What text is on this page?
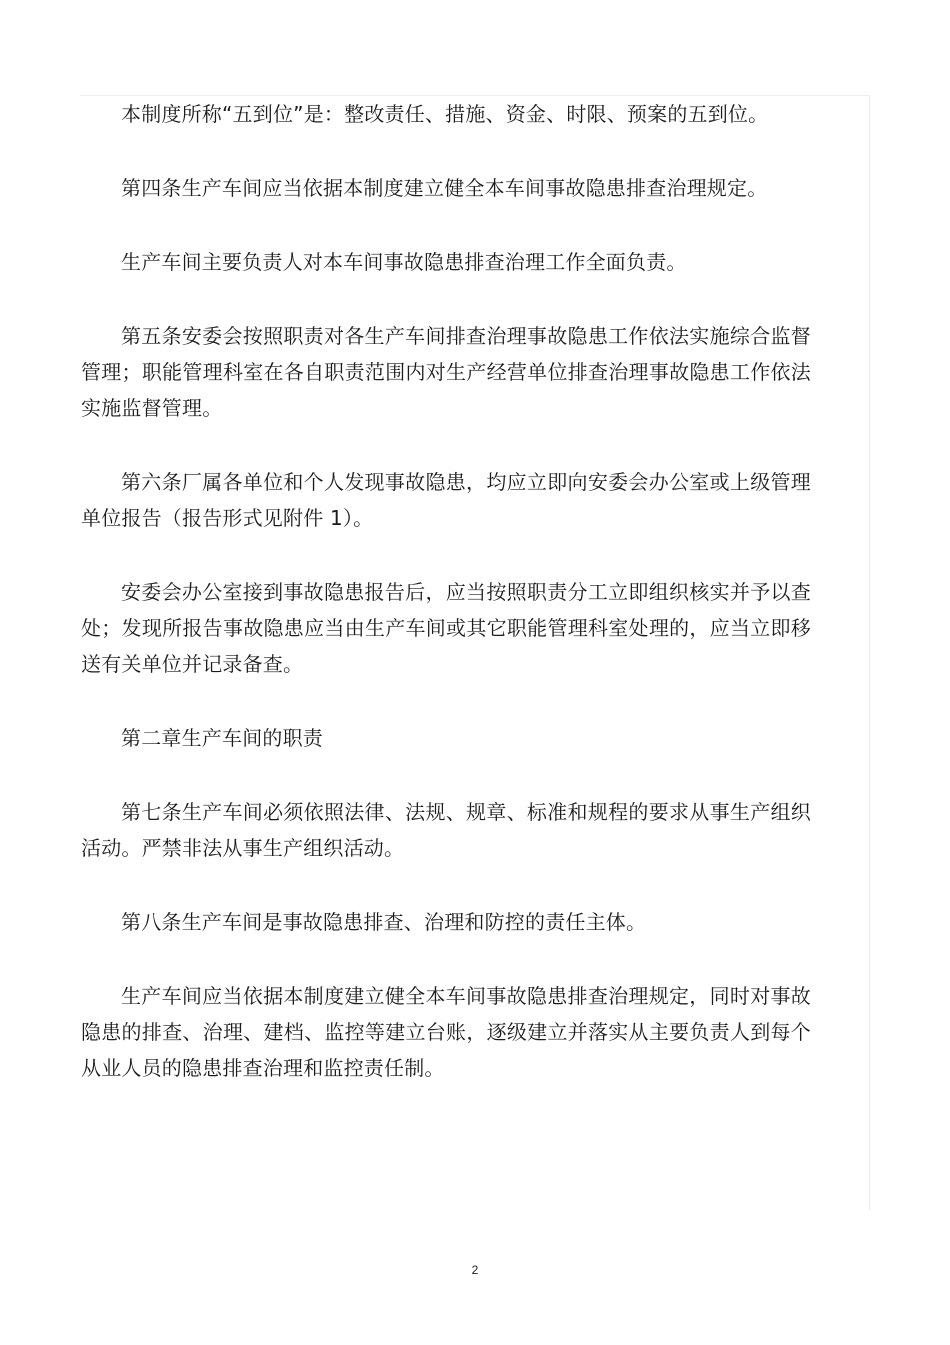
本制度所称“五到位”是：整改责任、措施、资金、时限、预案的五到位。

第四条生产车间应当依据本制度建立健全本车间事故隐患排查治理规定。

生产车间主要负责人对本车间事故隐患排查治理工作全面负责。

第五条安委会按照职责对各生产车间排查治理事故隐患工作依法实施综合监督管理；职能管理科室在各自职责范围内对生产经营单位排查治理事故隐患工作依法实施监督管理。

第六条厂属各单位和个人发现事故隐患，均应立即向安委会办公室或上级管理单位报告（报告形式见附件 1）。

安委会办公室接到事故隐患报告后，应当按照职责分工立即组织核实并予以查处；发现所报告事故隐患应当由生产车间或其它职能管理科室处理的，应当立即移送有关单位并记录备查。

第二章生产车间的职责

第七条生产车间必须依照法律、法规、规章、标准和规程的要求从事生产组织活动。严禁非法从事生产组织活动。

第八条生产车间是事故隐患排查、治理和防控的责任主体。

生产车间应当依据本制度建立健全本车间事故隐患排查治理规定，同时对事故隐患的排查、治理、建档、监控等建立台账，逐级建立并落实从主要负责人到每个从业人员的隐患排查治理和监控责任制。

2
